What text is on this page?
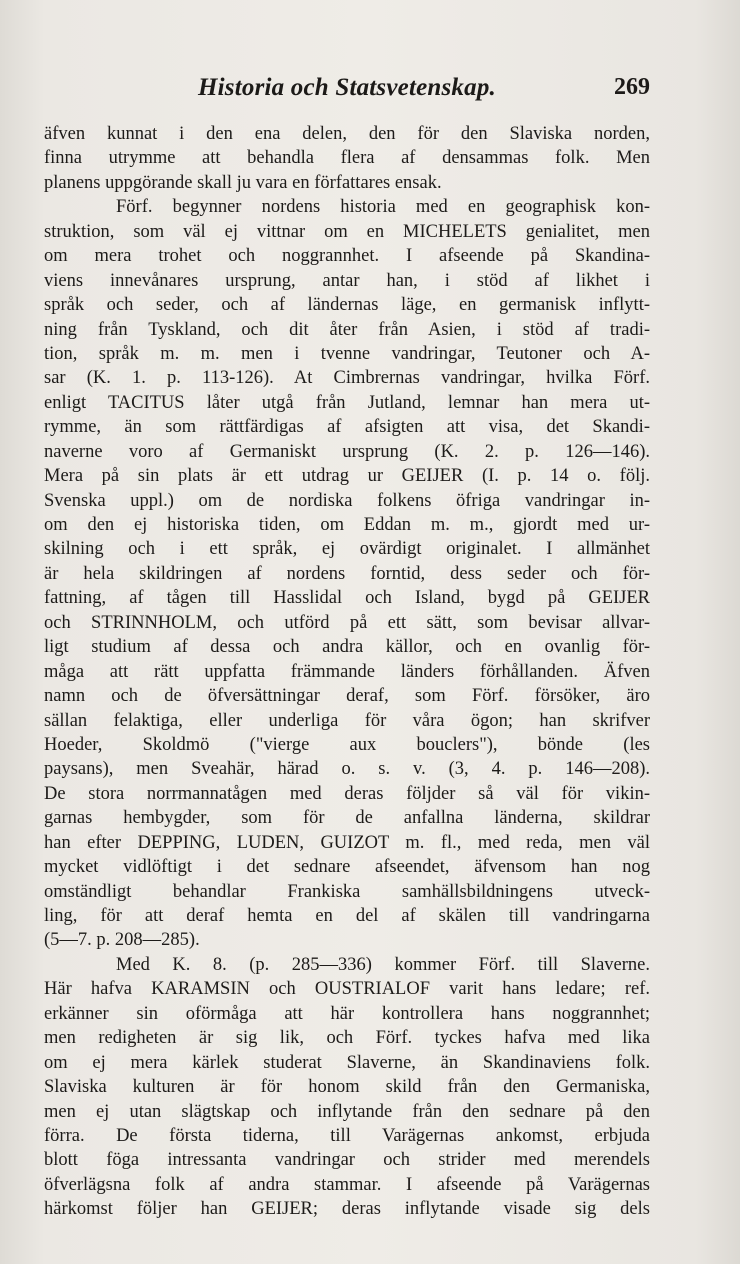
Historia och Statsvetenskap.	269
äfven kunnat i den ena delen, den för den Slaviska norden,
finna utrymme att behandla flera af densammas folk. Men
planens uppgörande skall ju vara en författares ensak.
Förf. begynner nordens historia med en geographisk kon-
struktion, som väl ej vittnar om en MICHELETS genialitet, men
om mera trohet och noggrannhet. I afseende på Skandina-
viens innevånares ursprung, antar han, i stöd af likhet i
språk och seder, och af ländernas läge, en germanisk inflytt-
ning från Tyskland, och dit åter från Asien, i stöd af tradi-
tion, språk m. m. men i tvenne vandringar, Teutoner och A-
sar (K. 1. p. 113-126). At Cimbrernas vandringar, hvilka Förf.
enligt TACITUS låter utgå från Jutland, lemnar han mera ut-
rymme, än som rättfärdigas af afsigten att visa, det Skandi-
naverne voro af Germaniskt ursprung (K. 2. p. 126—146).
Mera på sin plats är ett utdrag ur GEIJER (I. p. 14 o. följ.
Svenska uppl.) om de nordiska folkens öfriga vandringar in-
om den ej historiska tiden, om Eddan m. m., gjordt med ur-
skilning och i ett språk, ej ovärdigt originalet. I allmänhet
är hela skildringen af nordens forntid, dess seder och för-
fattning, af tågen till Hasslidal och Island, bygd på GEIJER
och STRINNHOLM, och utförd på ett sätt, som bevisar allvar-
ligt studium af dessa och andra källor, och en ovanlig för-
måga att rätt uppfatta främmande länders förhållanden. Äfven
namn och de öfversättningar deraf, som Förf. försöker, äro
sällan felaktiga, eller underliga för våra ögon; han skrifver
Hoeder, Skoldmö ("vierge aux bouclers"), bönde (les
paysans), men Sveahär, härad o. s. v. (3, 4. p. 146—208).
De stora norrmannatågen med deras följder så väl för vikin-
garnas hembygder, som för de anfallna länderna, skildrar
han efter DEPPING, LUDEN, GUIZOT m. fl., med reda, men väl
mycket vidlöftigt i det sednare afseendet, äfvensom han nog
omständligt behandlar Frankiska samhällsbildningens utveck-
ling, för att deraf hemta en del af skälen till vandringarna
(5—7. p. 208—285).
Med K. 8. (p. 285—336) kommer Förf. till Slaverne.
Här hafva KARAMSIN och OUSTRIALOF varit hans ledare; ref.
erkänner sin oförmåga att här kontrollera hans noggrannhet;
men redigheten är sig lik, och Förf. tyckes hafva med lika
om ej mera kärlek studerat Slaverne, än Skandinaviens folk.
Slaviska kulturen är för honom skild från den Germaniska,
men ej utan slägtskap och inflytande från den sednare på den
förra. De första tiderna, till Varägernas ankomst, erbjuda
blott föga intressanta vandringar och strider med merendels
öfverlägsna folk af andra stammar. I afseende på Varägernas
härkomst följer han GEIJER; deras inflytande visade sig dels
